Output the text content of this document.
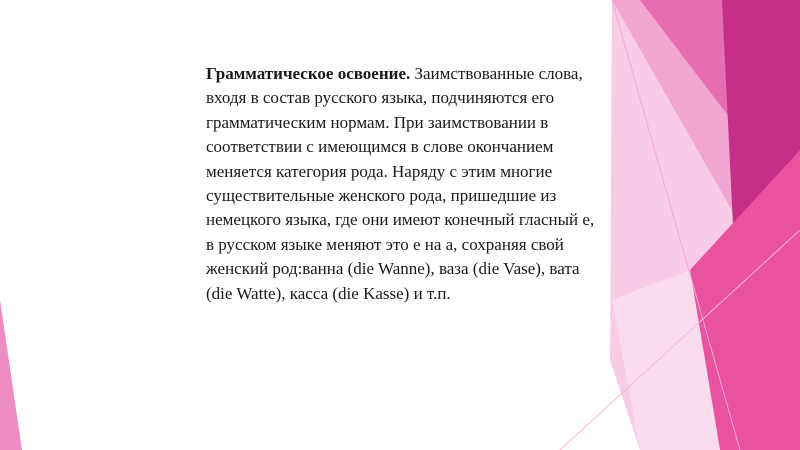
Грамматическое освоение. Заимствованные слова, входя в состав русского языка, подчиняются его грамматическим нормам. При заимствовании в соответствии с имеющимся в слове окончанием меняется категория рода. Наряду с этим многие существительные женского рода, пришедшие из немецкого языка, где они имеют конечный гласный е, в русском языке меняют это е на а, сохраняя свой женский род:ванна (die Wanne), ваза (die Vase), вата (die Watte), касса (die Kasse) и т.п.
